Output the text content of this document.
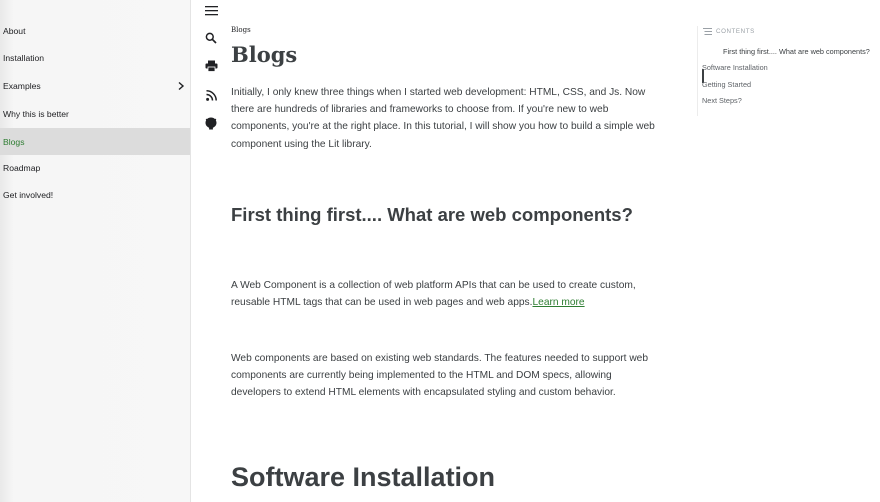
About
Installation
Examples
Why this is better
Blogs
Roadmap
Get involved!
Blogs
Blogs

Initially, I only knew three things when I started web development: HTML, CSS, and Js. Now there are hundreds of libraries and frameworks to choose from. If you're new to web components, you're at the right place. In this tutorial, I will show you how to build a simple web component using the Lit library.

First thing first.... What are web components?

A Web Component is a collection of web platform APIs that can be used to create custom, reusable HTML tags that can be used in web pages and web apps.Learn more

Web components are based on existing web standards. The features needed to support web components are currently being implemented to the HTML and DOM specs, allowing developers to extend HTML elements with encapsulated styling and custom behavior.

Software Installation
CONTENTS
First thing first.... What are web components?
Software Installation
Getting Started
Next Steps?
